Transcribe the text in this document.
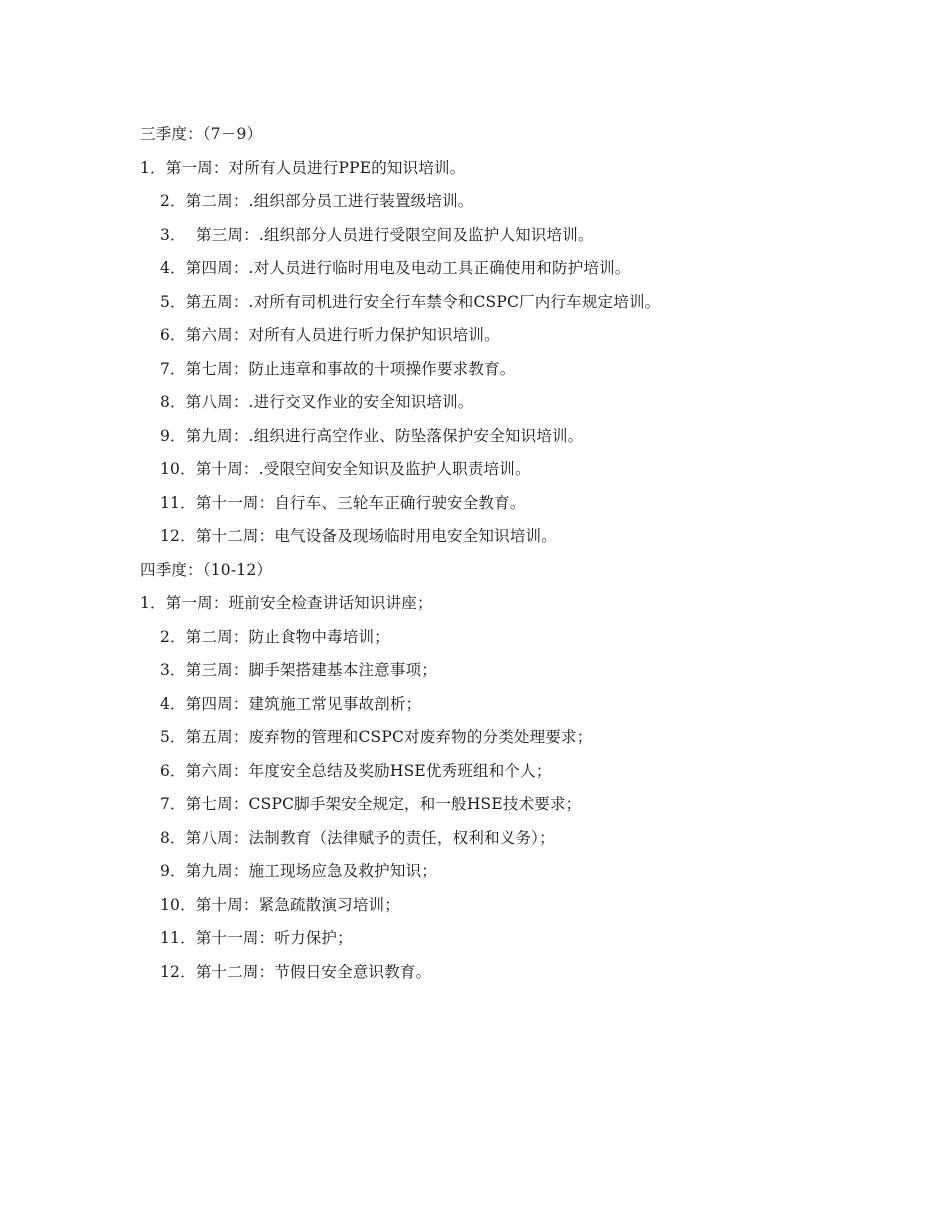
三季度：（7－9）
1．第一周：对所有人员进行PPE的知识培训。
2．第二周：.组织部分员工进行装置级培训。
3．  第三周：.组织部分人员进行受限空间及监护人知识培训。
4．第四周：.对人员进行临时用电及电动工具正确使用和防护培训。
5．第五周：.对所有司机进行安全行车禁令和CSPC厂内行车规定培训。
6．第六周：对所有人员进行听力保护知识培训。
7．第七周：防止违章和事故的十项操作要求教育。
8．第八周：.进行交叉作业的安全知识培训。
9．第九周：.组织进行高空作业、防坠落保护安全知识培训。
10．第十周：.受限空间安全知识及监护人职责培训。
11．第十一周：自行车、三轮车正确行驶安全教育。
12．第十二周：电气设备及现场临时用电安全知识培训。
四季度：（10-12）
1．第一周：班前安全检查讲话知识讲座；
2．第二周：防止食物中毒培训；
3．第三周：脚手架搭建基本注意事项；
4．第四周：建筑施工常见事故剖析；
5．第五周：废弃物的管理和CSPC对废弃物的分类处理要求；
6．第六周：年度安全总结及奖励HSE优秀班组和个人；
7．第七周：CSPC脚手架安全规定，和一般HSE技术要求；
8．第八周：法制教育（法律赋予的责任，权利和义务）；
9．第九周：施工现场应急及救护知识；
10．第十周：紧急疏散演习培训；
11．第十一周：听力保护；
12．第十二周：节假日安全意识教育。
